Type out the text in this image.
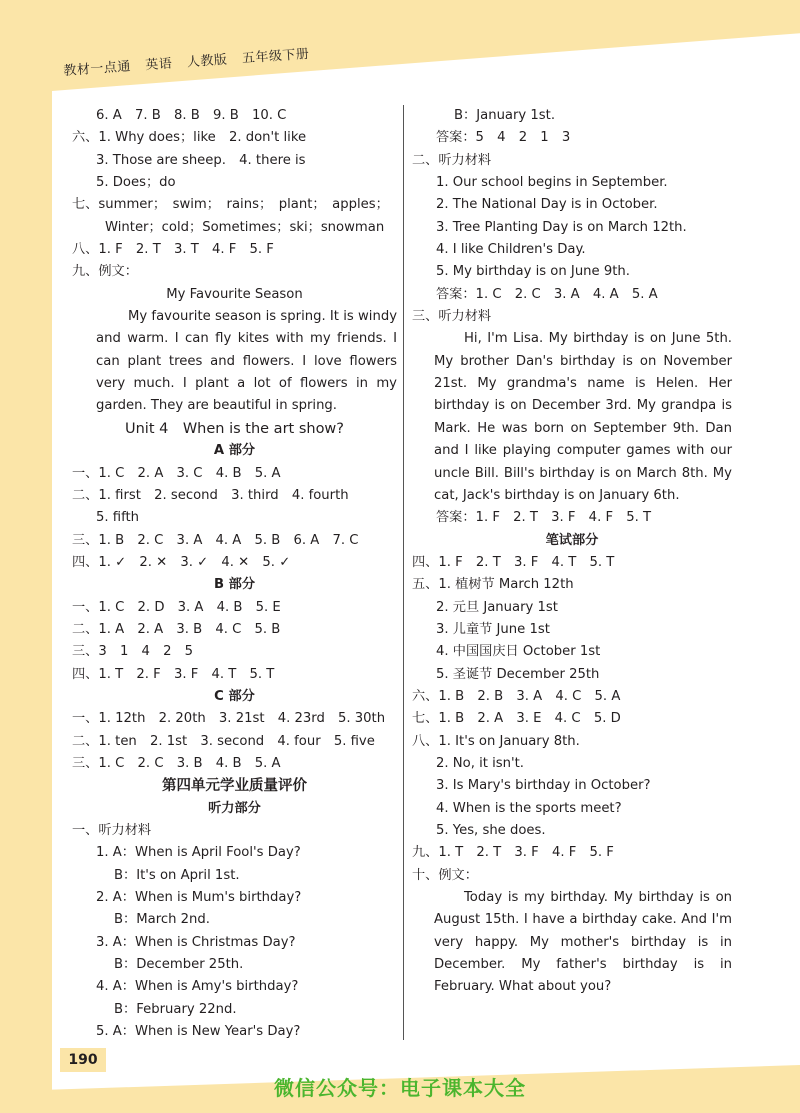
教材一点通 英语 人教版 五年级下册
6. A　7. B　8. B　9. B　10. C
六、1. Why does；like　2. don't like
3. Those are sheep.　4. there is
5. Does；do
七、summer；　swim；　rains；　plant；　apples；
Winter；cold；Sometimes；ski；snowman
八、1. F　2. T　3. T　4. F　5. F
九、例文：
My Favourite Season
My favourite season is spring. It is windy and warm. I can fly kites with my friends. I can plant trees and flowers. I love flowers very much. I plant a lot of flowers in my garden. They are beautiful in spring.
Unit 4　When is the art show?
A 部分
一、1. C　2. A　3. C　4. B　5. A
二、1. first　2. second　3. third　4. fourth
5. fifth
三、1. B　2. C　3. A　4. A　5. B　6. A　7. C
四、1. ✓　2. ✕　3. ✓　4. ✕　5. ✓
B 部分
一、1. C　2. D　3. A　4. B　5. E
二、1. A　2. A　3. B　4. C　5. B
三、3　1　4　2　5
四、1. T　2. F　3. F　4. T　5. T
C 部分
一、1. 12th　2. 20th　3. 21st　4. 23rd　5. 30th
二、1. ten　2. 1st　3. second　4. four　5. five
三、1. C　2. C　3. B　4. B　5. A
第四单元学业质量评价
听力部分
一、听力材料
1. A：When is April Fool's Day?
B：It's on April 1st.
2. A：When is Mum's birthday?
B：March 2nd.
3. A：When is Christmas Day?
B：December 25th.
4. A：When is Amy's birthday?
B：February 22nd.
5. A：When is New Year's Day?
B：January 1st.
答案：5　4　2　1　3
二、听力材料
1. Our school begins in September.
2. The National Day is in October.
3. Tree Planting Day is on March 12th.
4. I like Children's Day.
5. My birthday is on June 9th.
答案：1. C　2. C　3. A　4. A　5. A
三、听力材料
Hi, I'm Lisa. My birthday is on June 5th. My brother Dan's birthday is on November 21st. My grandma's name is Helen. Her birthday is on December 3rd. My grandpa is Mark. He was born on September 9th. Dan and I like playing computer games with our uncle Bill. Bill's birthday is on March 8th. My cat, Jack's birthday is on January 6th.
答案：1. F　2. T　3. F　4. F　5. T
笔试部分
四、1. F　2. T　3. F　4. T　5. T
五、1. 植树节 March 12th
2. 元旦 January 1st
3. 儿童节 June 1st
4. 中国国庆日 October 1st
5. 圣诞节 December 25th
六、1. B　2. B　3. A　4. C　5. A
七、1. B　2. A　3. E　4. C　5. D
八、1. It's on January 8th.
2. No, it isn't.
3. Is Mary's birthday in October?
4. When is the sports meet?
5. Yes, she does.
九、1. T　2. T　3. F　4. F　5. F
十、例文：
Today is my birthday. My birthday is on August 15th. I have a birthday cake. And I'm very happy. My mother's birthday is in December. My father's birthday is in February. What about you?
190
微信公众号：电子课本大全
